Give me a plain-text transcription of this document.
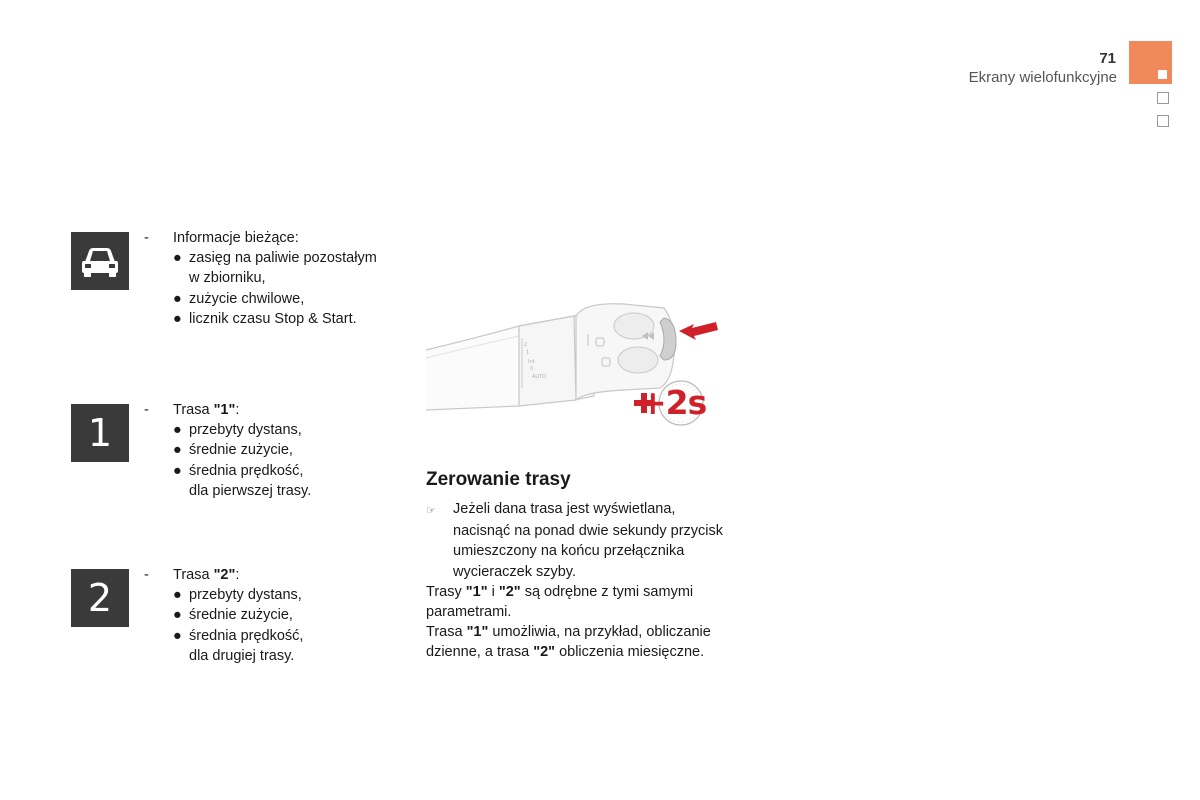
71
Ekrany wielofunkcyjne
-	Informacje bieżące:
● zasięg na paliwie pozostałym
w zbiorniku,
● zużycie chwilowe,
● licznik czasu Stop & Start.
1
-	Trasa "1" :
● przebyty dystans,
● średnie zużycie,
● średnia prędkość,
dla pierwszej trasy.
2
-	Trasa "2" :
● przebyty dystans,
● średnie zużycie,
● średnia prędkość,
dla drugiej trasy.
2
1
Int
0
AUTO
+2s
Zerowanie trasy
☞	Jeżeli dana trasa jest wyświetlana,
nacisnąć na ponad dwie sekundy przycisk
umieszczony na końcu przełącznika
wycieraczek szyby.
Trasy "1" i "2" są odrębne z tymi samymi
parametrami.
Trasa "1" umożliwia, na przykład, obliczanie
dzienne, a trasa "2" obliczenia miesięczne.
